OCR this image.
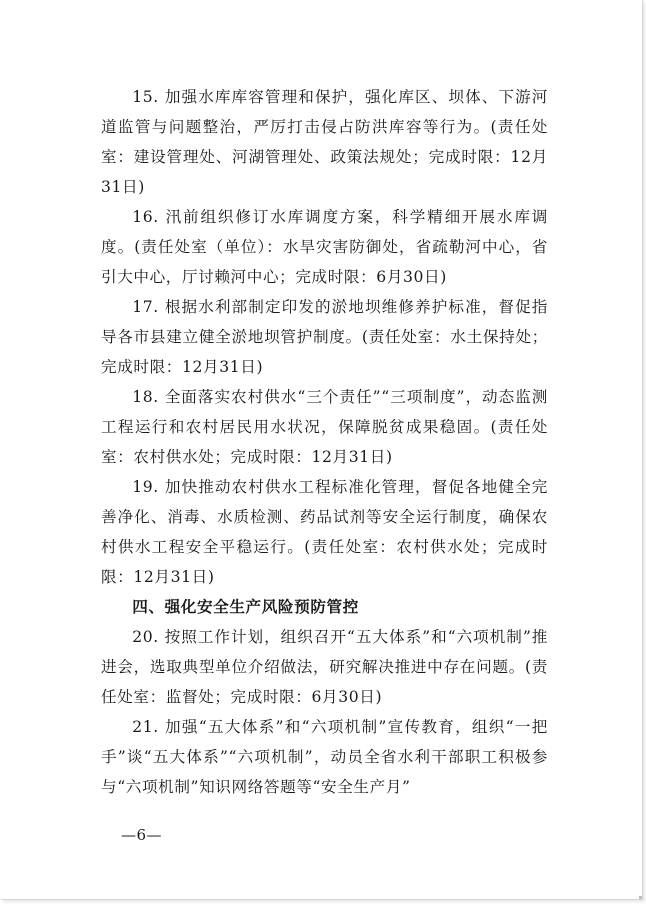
15. 加强水库库容管理和保护，强化库区、坝体、下游河道监管与问题整治，严厉打击侵占防洪库容等行为。(责任处室：建设管理处、河湖管理处、政策法规处；完成时限：12月31日)

16. 汛前组织修订水库调度方案，科学精细开展水库调度。(责任处室（单位）：水旱灾害防御处，省疏勒河中心，省引大中心，厅讨赖河中心；完成时限：6月30日)

17. 根据水利部制定印发的淤地坝维修养护标准，督促指导各市县建立健全淤地坝管护制度。(责任处室：水土保持处；完成时限：12月31日)

18. 全面落实农村供水“三个责任”“三项制度”，动态监测工程运行和农村居民用水状况，保障脱贫成果稳固。(责任处室：农村供水处；完成时限：12月31日)

19. 加快推动农村供水工程标准化管理，督促各地健全完善净化、消毒、水质检测、药品试剂等安全运行制度，确保农村供水工程安全平稳运行。(责任处室：农村供水处；完成时限：12月31日)

四、强化安全生产风险预防管控

20. 按照工作计划，组织召开“五大体系”和“六项机制”推进会，选取典型单位介绍做法，研究解决推进中存在问题。(责任处室：监督处；完成时限：6月30日)

21. 加强“五大体系”和“六项机制”宣传教育，组织“一把手”谈“五大体系”“六项机制”，动员全省水利干部职工积极参与“六项机制”知识网络答题等“安全生产月”

—6—
